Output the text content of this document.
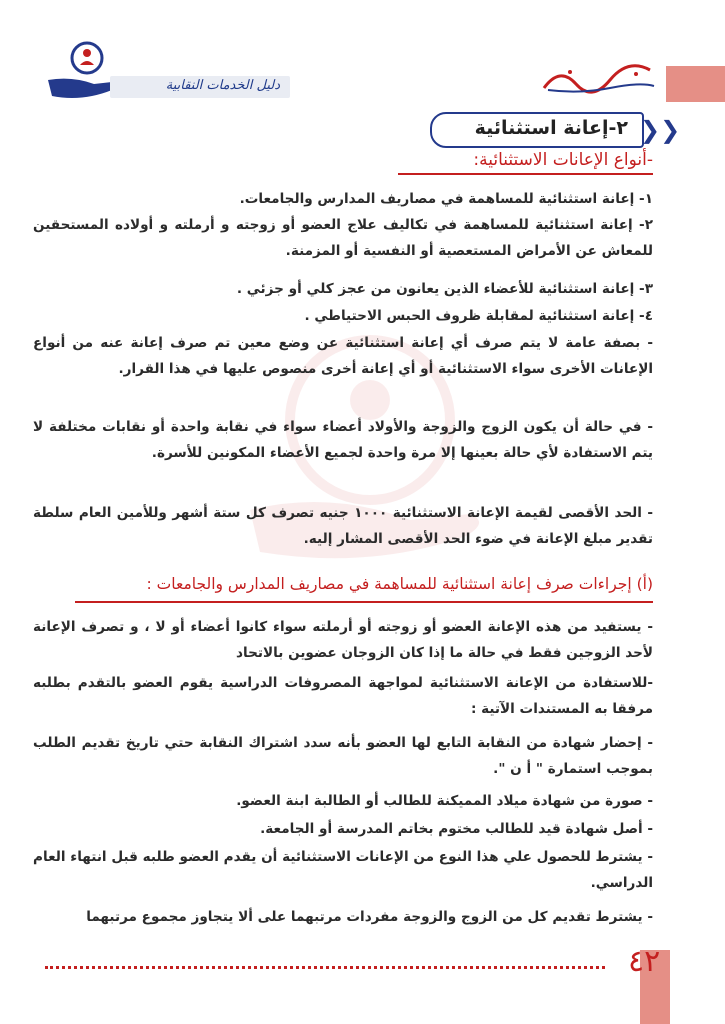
دليل الخدمات النقابية
٢-إعانة استثنائية ❯❯
-أنواع الإعانات الاستثنائية:
١- إعانة استثنائية للمساهمة في مصاريف المدارس والجامعات.
٢- إعانة استثنائية للمساهمة في تكاليف علاج العضو أو زوجته و أرملته و أولاده المستحقين للمعاش عن الأمراض المستعصية أو النفسية أو المزمنة.
٣- إعانة استثنائية للأعضاء الذين يعانون من عجز كلي أو جزئي .
٤- إعانة استثنائية لمقابلة ظروف الحبس الاحتياطي .
- بصفة عامة لا يتم صرف أي إعانة استثنائية عن وضع معين تم صرف إعانة عنه من أنواع الإعانات الأخرى سواء الاستثنائية أو أي إعانة أخرى منصوص عليها في هذا القرار.
- في حالة أن يكون الزوج والزوجة والأولاد أعضاء سواء في نقابة واحدة أو نقابات مختلفة لا يتم الاستفادة لأي حالة بعينها إلا مرة واحدة لجميع الأعضاء المكونين للأسرة.
- الحد الأقصى لقيمة الإعانة الاستثنائية ١٠٠٠ جنيه تصرف كل ستة أشهر وللأمين العام سلطة تقدير مبلغ الإعانة في ضوء الحد الأقصى المشار إليه.
(أ) إجراءات صرف إعانة استثنائية للمساهمة في مصاريف المدارس والجامعات :
- يستفيد من هذه الإعانة العضو أو زوجته أو أرملته سواء كانوا أعضاء أو لا ، و تصرف الإعانة لأحد الزوجين فقط في حالة ما إذا كان الزوجان عضوين بالاتحاد
-للاستفادة من الإعانة الاستثنائية لمواجهة المصروفات الدراسية يقوم العضو بالتقدم بطلبه مرفقا به المستندات الآتية :
- إحضار شهادة من النقابة التابع لها العضو بأنه سدد اشتراك النقابة حتي تاريخ تقديم الطلب بموجب استمارة " أ ن ".
- صورة من شهادة ميلاد المميكنة للطالب أو الطالبة ابنة العضو.
- أصل شهادة قيد للطالب مختوم بخاتم المدرسة أو الجامعة.
- يشترط للحصول علي هذا النوع من الإعانات الاستثنائية أن يقدم العضو طلبه قبل انتهاء العام الدراسي.
- يشترط تقديم كل من الزوج والزوجة مفردات مرتبهما على ألا يتجاوز مجموع مرتبهما
٤٢
